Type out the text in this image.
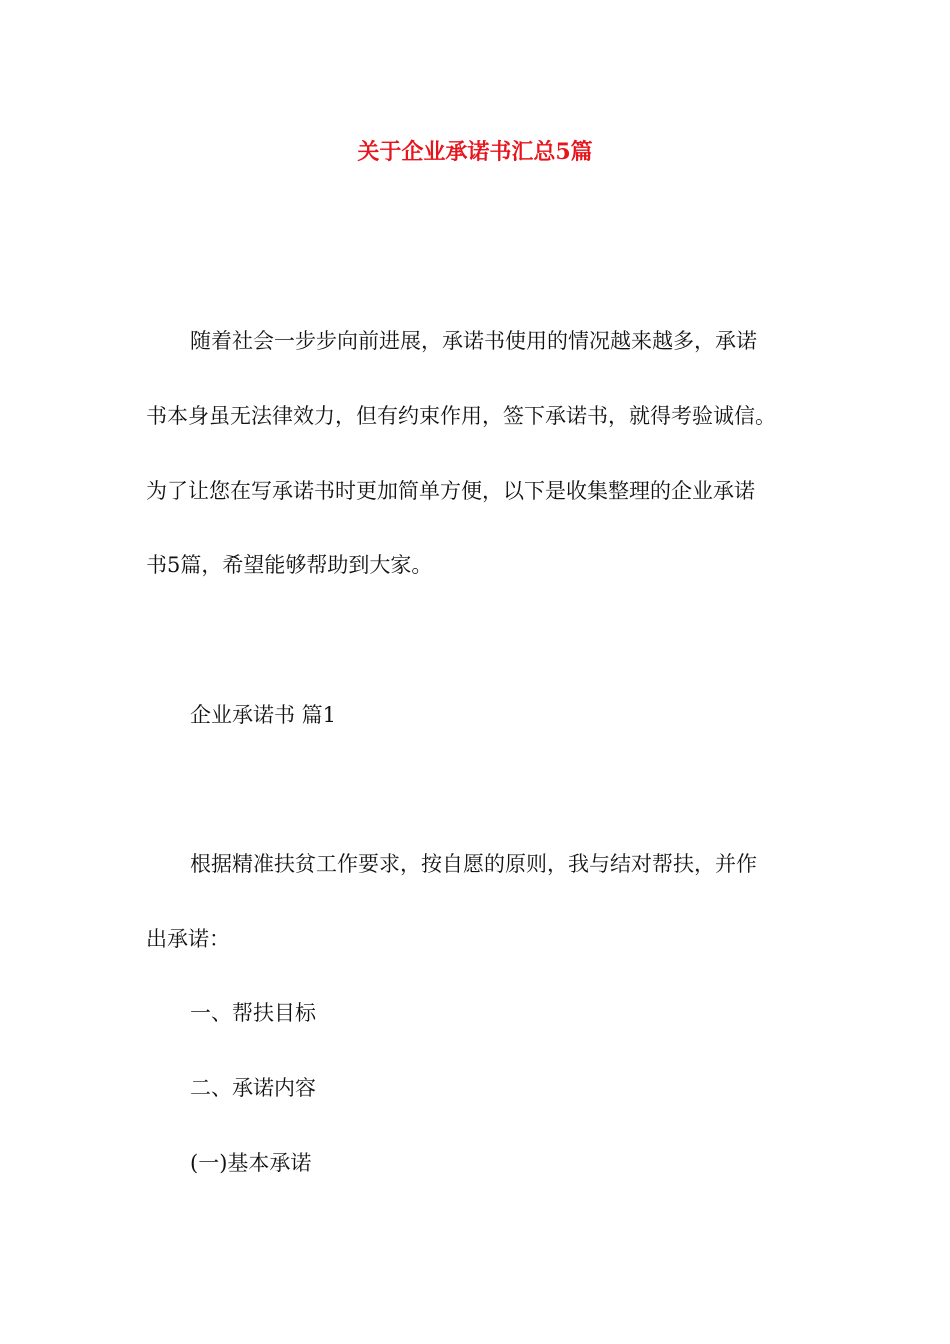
关于企业承诺书汇总5篇

随着社会一步步向前进展，承诺书使用的情况越来越多，承诺

书本身虽无法律效力，但有约束作用，签下承诺书，就得考验诚信。

为了让您在写承诺书时更加简单方便，以下是收集整理的企业承诺

书5篇，希望能够帮助到大家。

企业承诺书 篇1

根据精准扶贫工作要求，按自愿的原则，我与结对帮扶，并作

出承诺：

一、帮扶目标

二、承诺内容

(一)基本承诺
